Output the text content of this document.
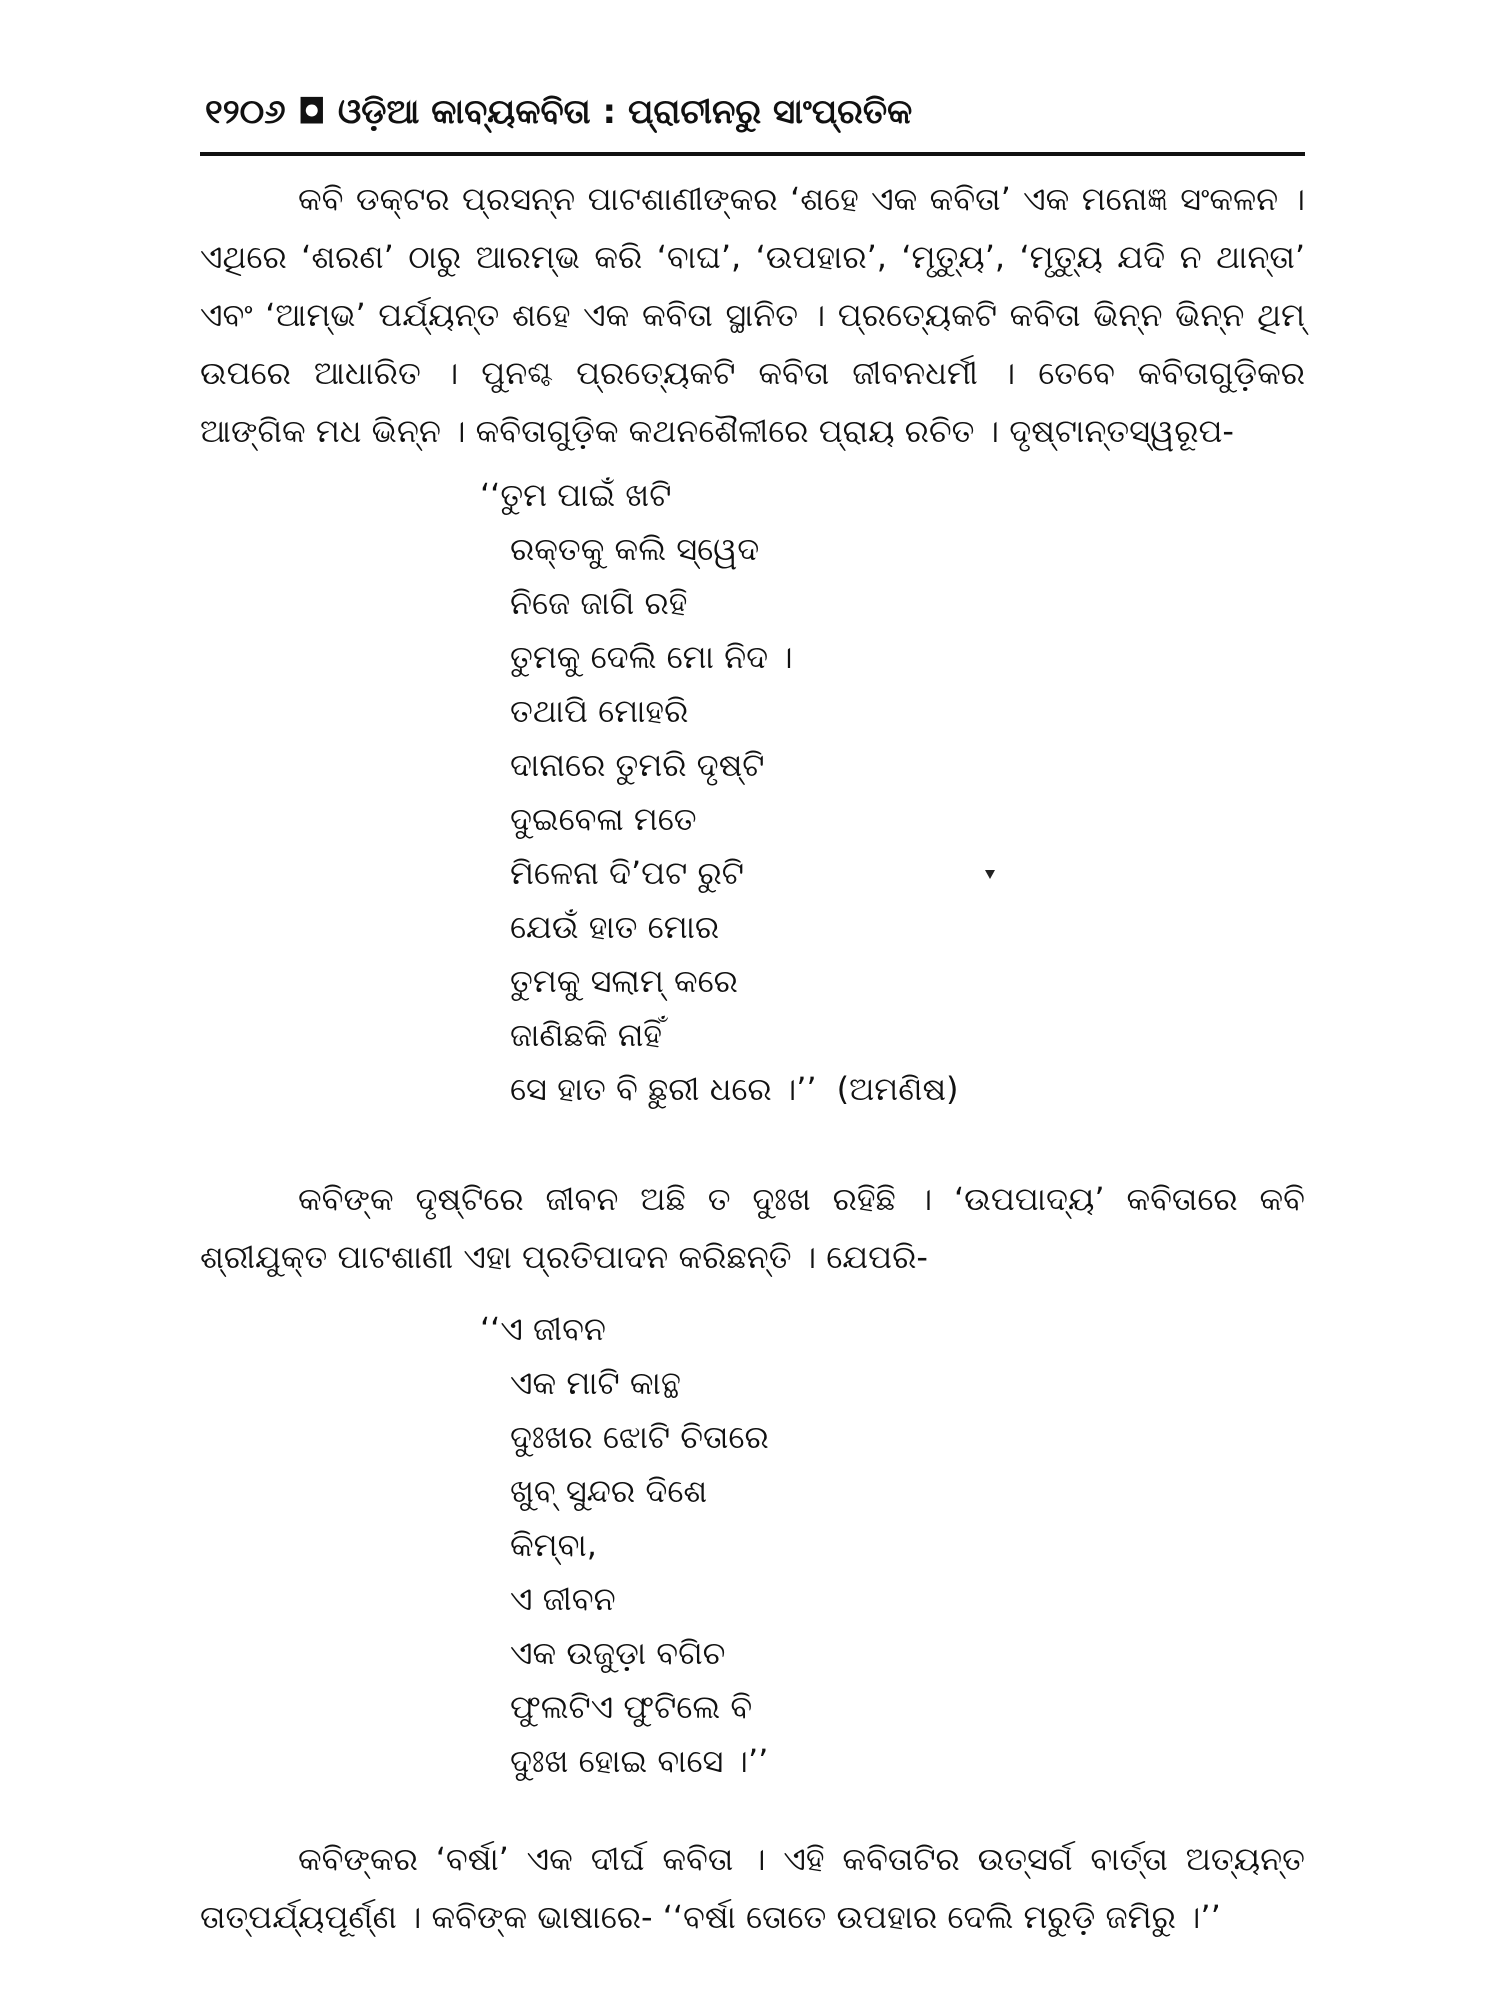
୧୨୦୬ ◘ ଓଡ଼ିଆ କାବ୍ୟକବିତା : ପ୍ରାଚୀନରୁ ସାଂପ୍ରତିକ
କବି ଡକ୍ଟର ପ୍ରସନ୍ନ ପାଟଶାଣୀଙ୍କର ‘ଶହେ ଏକ କବିତା’ ଏକ ମନୋଜ୍ଞ ସଂକଳନ ।
ଏଥିରେ ‘ଶରଣ’ ଠାରୁ ଆରମ୍ଭ କରି ‘ବାଘ’, ‘ଉପହାର’, ‘ମୃତ୍ୟୁ’, ‘ମୃତ୍ୟୁ ଯଦି ନ ଥାନ୍ତା’
ଏବଂ ‘ଆମ୍ଭ’ ପର୍ଯ୍ୟନ୍ତ ଶହେ ଏକ କବିତା ସ୍ଥାନିତ । ପ୍ରତ୍ୟେକଟି କବିତା ଭିନ୍ନ ଭିନ୍ନ ଥିମ୍
ଉପରେ ଆଧାରିତ । ପୁନଶ୍ଚ ପ୍ରତ୍ୟେକଟି କବିତା ଜୀବନଧର୍ମୀ । ତେବେ କବିତାଗୁଡ଼ିକର
ଆଙ୍ଗିକ ମଧ ଭିନ୍ନ । କବିତାଗୁଡ଼ିକ କଥନଶୈଳୀରେ ପ୍ରାୟ ରଚିତ । ଦୃଷ୍ଟାନ୍ତସ୍ୱରୂପ-
‘‘ତୁମ ପାଇଁ ଖଟି
ରକ୍ତକୁ କଲି ସ୍ୱେଦ
ନିଜେ ଜାଗି ରହି
ତୁମକୁ ଦେଲି ମୋ ନିଦ ।
ତଥାପି ମୋହରି
ଦାନାରେ ତୁମରି ଦୃଷ୍ଟି
ଦୁଇବେଳା ମତେ
ମିଳେନା ଦି’ପଟ ରୁଟି
ଯେଉଁ ହାତ ମୋର
ତୁମକୁ ସଲାମ୍ କରେ
ଜାଣିଛକି ନାହିଁ
ସେ ହାତ ବି ଛୁରୀ ଧରେ ।’’ (ଅମଣିଷ)
କବିଙ୍କ ଦୃଷ୍ଟିରେ ଜୀବନ ଅଛି ତ ଦୁଃଖ ରହିଛି । ‘ଉପପାଦ୍ୟ’ କବିତାରେ କବି
ଶ୍ରୀଯୁକ୍ତ ପାଟଶାଣୀ ଏହା ପ୍ରତିପାଦନ କରିଛନ୍ତି । ଯେପରି-
‘‘ଏ ଜୀବନ
ଏକ ମାଟି କାନ୍ଥ
ଦୁଃଖର ଝୋଟି ଚିତାରେ
ଖୁବ୍ ସୁନ୍ଦର ଦିଶେ
କିମ୍ବା,
ଏ ଜୀବନ
ଏକ ଉଜୁଡ଼ା ବଗିଚ
ଫୁଲଟିଏ ଫୁଟିଲେ ବି
ଦୁଃଖ ହୋଇ ବାସେ ।’’
କବିଙ୍କର ‘ବର୍ଷା’ ଏକ ଦୀର୍ଘ କବିତା । ଏହି କବିତାଟିର ଉତ୍ସର୍ଗ ବାର୍ତ୍ତା ଅତ୍ୟନ୍ତ
ତାତ୍ପର୍ଯ୍ୟପୂର୍ଣ୍ଣ । କବିଙ୍କ ଭାଷାରେ- ‘‘ବର୍ଷା ତୋତେ ଉପହାର ଦେଲି ମରୁଡ଼ି ଜମିରୁ ।’’
